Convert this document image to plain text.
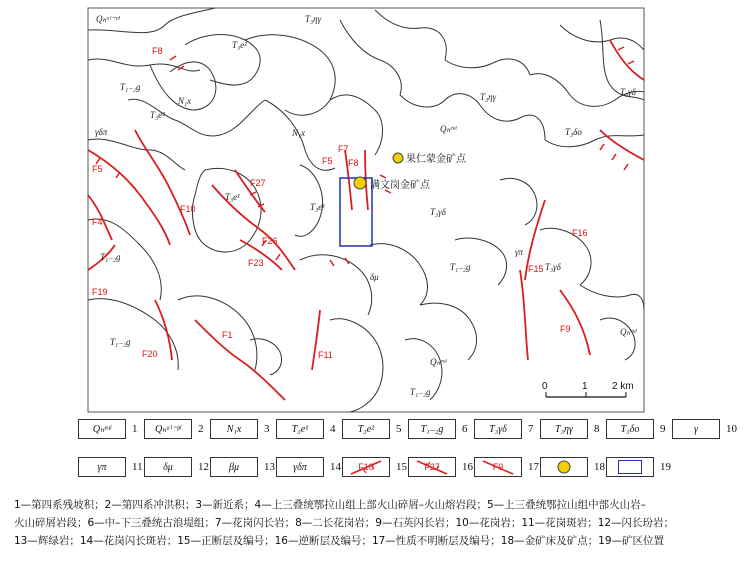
Qₕᵃˡ⁻ᵖˡ	T₃ηγ
T₃e²
T₁₋₂g
N₁x
T₃e²
N₁x	Qₕᵉᵘˡ
T₃ηγ
T₃δo
T₃γδ
T₃e¹
T₃e¹
T₁₋₂g
T₁₋₂g
T₃γδ
T₁₋₂g	T₃γδ
γδπ
δμ
γπ
Qₕᵉᵘˡ
Qₕᵉᵘˡ
T₁₋₂g
F8
F5
F4
F19
F10
F1
F20	F11
F27
F26
F23
F7
F8
F5
F16
F15
F9
果仁蒙金矿点
满文岗金矿点
0	1 2 km
Qₕᵉᵘˡ	1	Qₕᵃˡ⁻ᵖˡ	2	N₁x	3	T₃e¹	4	T₃e²	5	T₁₋₂g	6	T₃γδ	7	T₃ηγ	8	T₃δo	9	γ	10
γπ	11	δμ	12	βμ	13	γδπ	14 F10 15 F27 16 F9 17	18	19
1—第四系残坡积；2—第四系冲洪积；3—新近系；4—上三叠统鄂拉山组上部火山碎屑–火山熔岩段；5—上三叠统鄂拉山组中部火山岩–
火山碎屑岩段；6—中–下三叠统古浪堤组；7—花岗闪长岩；8—二长花岗岩；9—石英闪长岩；10—花岗岩；11—花岗斑岩；12—闪长玢岩；
13—辉绿岩；14—花岗闪长斑岩；15—正断层及编号；16—逆断层及编号；17—性质不明断层及编号；18—金矿床及矿点；19—矿区位置
